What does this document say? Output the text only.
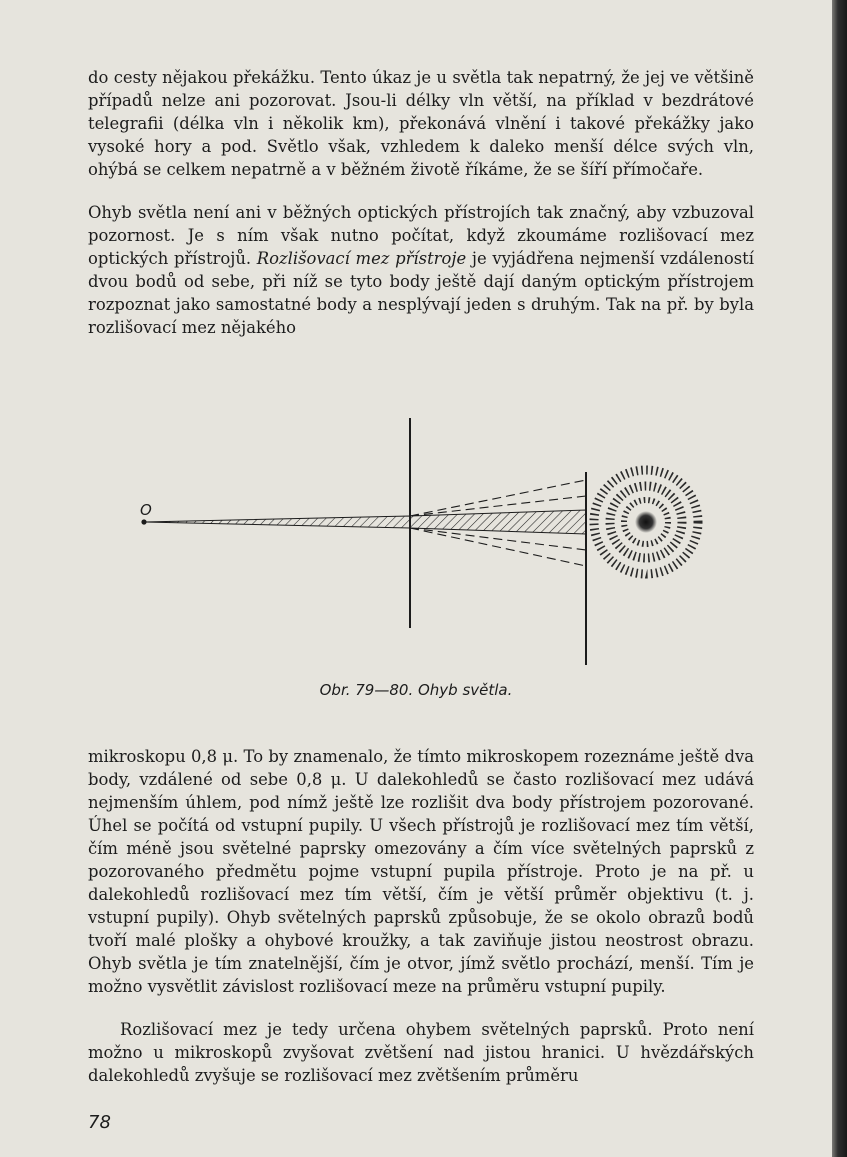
do cesty nějakou překážku. Tento úkaz je u světla tak nepatrný, že jej ve většině případů nelze ani pozorovat. Jsou-li délky vln větší, na příklad v bezdrátové telegrafii (délka vln i několik km), překonává vlnění i takové překážky jako vysoké hory a pod. Světlo však, vzhledem k daleko menší délce svých vln, ohýbá se celkem nepatrně a v běžném životě říkáme, že se šíří přímočaře.

Ohyb světla není ani v běžných optických přístrojích tak značný, aby vzbuzoval pozornost. Je s ním však nutno počítat, když zkoumáme rozlišovací mez optických přístrojů. Rozlišovací mez přístroje je vyjádřena nejmenší vzdáleností dvou bodů od sebe, při níž se tyto body ještě dají daným optickým přístrojem rozpoznat jako samostatné body a nesplývají jeden s druhým. Tak na př. by byla rozlišovací mez nějakého

O
Obr. 79—80. Ohyb světla.

mikroskopu 0,8 μ. To by znamenalo, že tímto mikroskopem rozeznáme ještě dva body, vzdálené od sebe 0,8 μ. U dalekohledů se často rozlišovací mez udává nejmenším úhlem, pod nímž ještě lze rozlišit dva body přístrojem pozorované. Úhel se počítá od vstupní pupily. U všech přístrojů je rozlišovací mez tím větší, čím méně jsou světelné paprsky omezovány a čím více světelných paprsků z pozorovaného předmětu pojme vstupní pupila přístroje. Proto je na př. u dalekohledů rozlišovací mez tím větší, čím je větší průměr objektivu (t. j. vstupní pupily). Ohyb světelných paprsků způsobuje, že se okolo obrazů bodů tvoří malé plošky a ohybové kroužky, a tak zaviňuje jistou neostrost obrazu. Ohyb světla je tím znatelnější, čím je otvor, jímž světlo prochází, menší. Tím je možno vysvětlit závislost rozlišovací meze na průměru vstupní pupily.

Rozlišovací mez je tedy určena ohybem světelných paprsků. Proto není možno u mikroskopů zvyšovat zvětšení nad jistou hranici. U hvězdářských dalekohledů zvyšuje se rozlišovací mez zvětšením průměru

78
